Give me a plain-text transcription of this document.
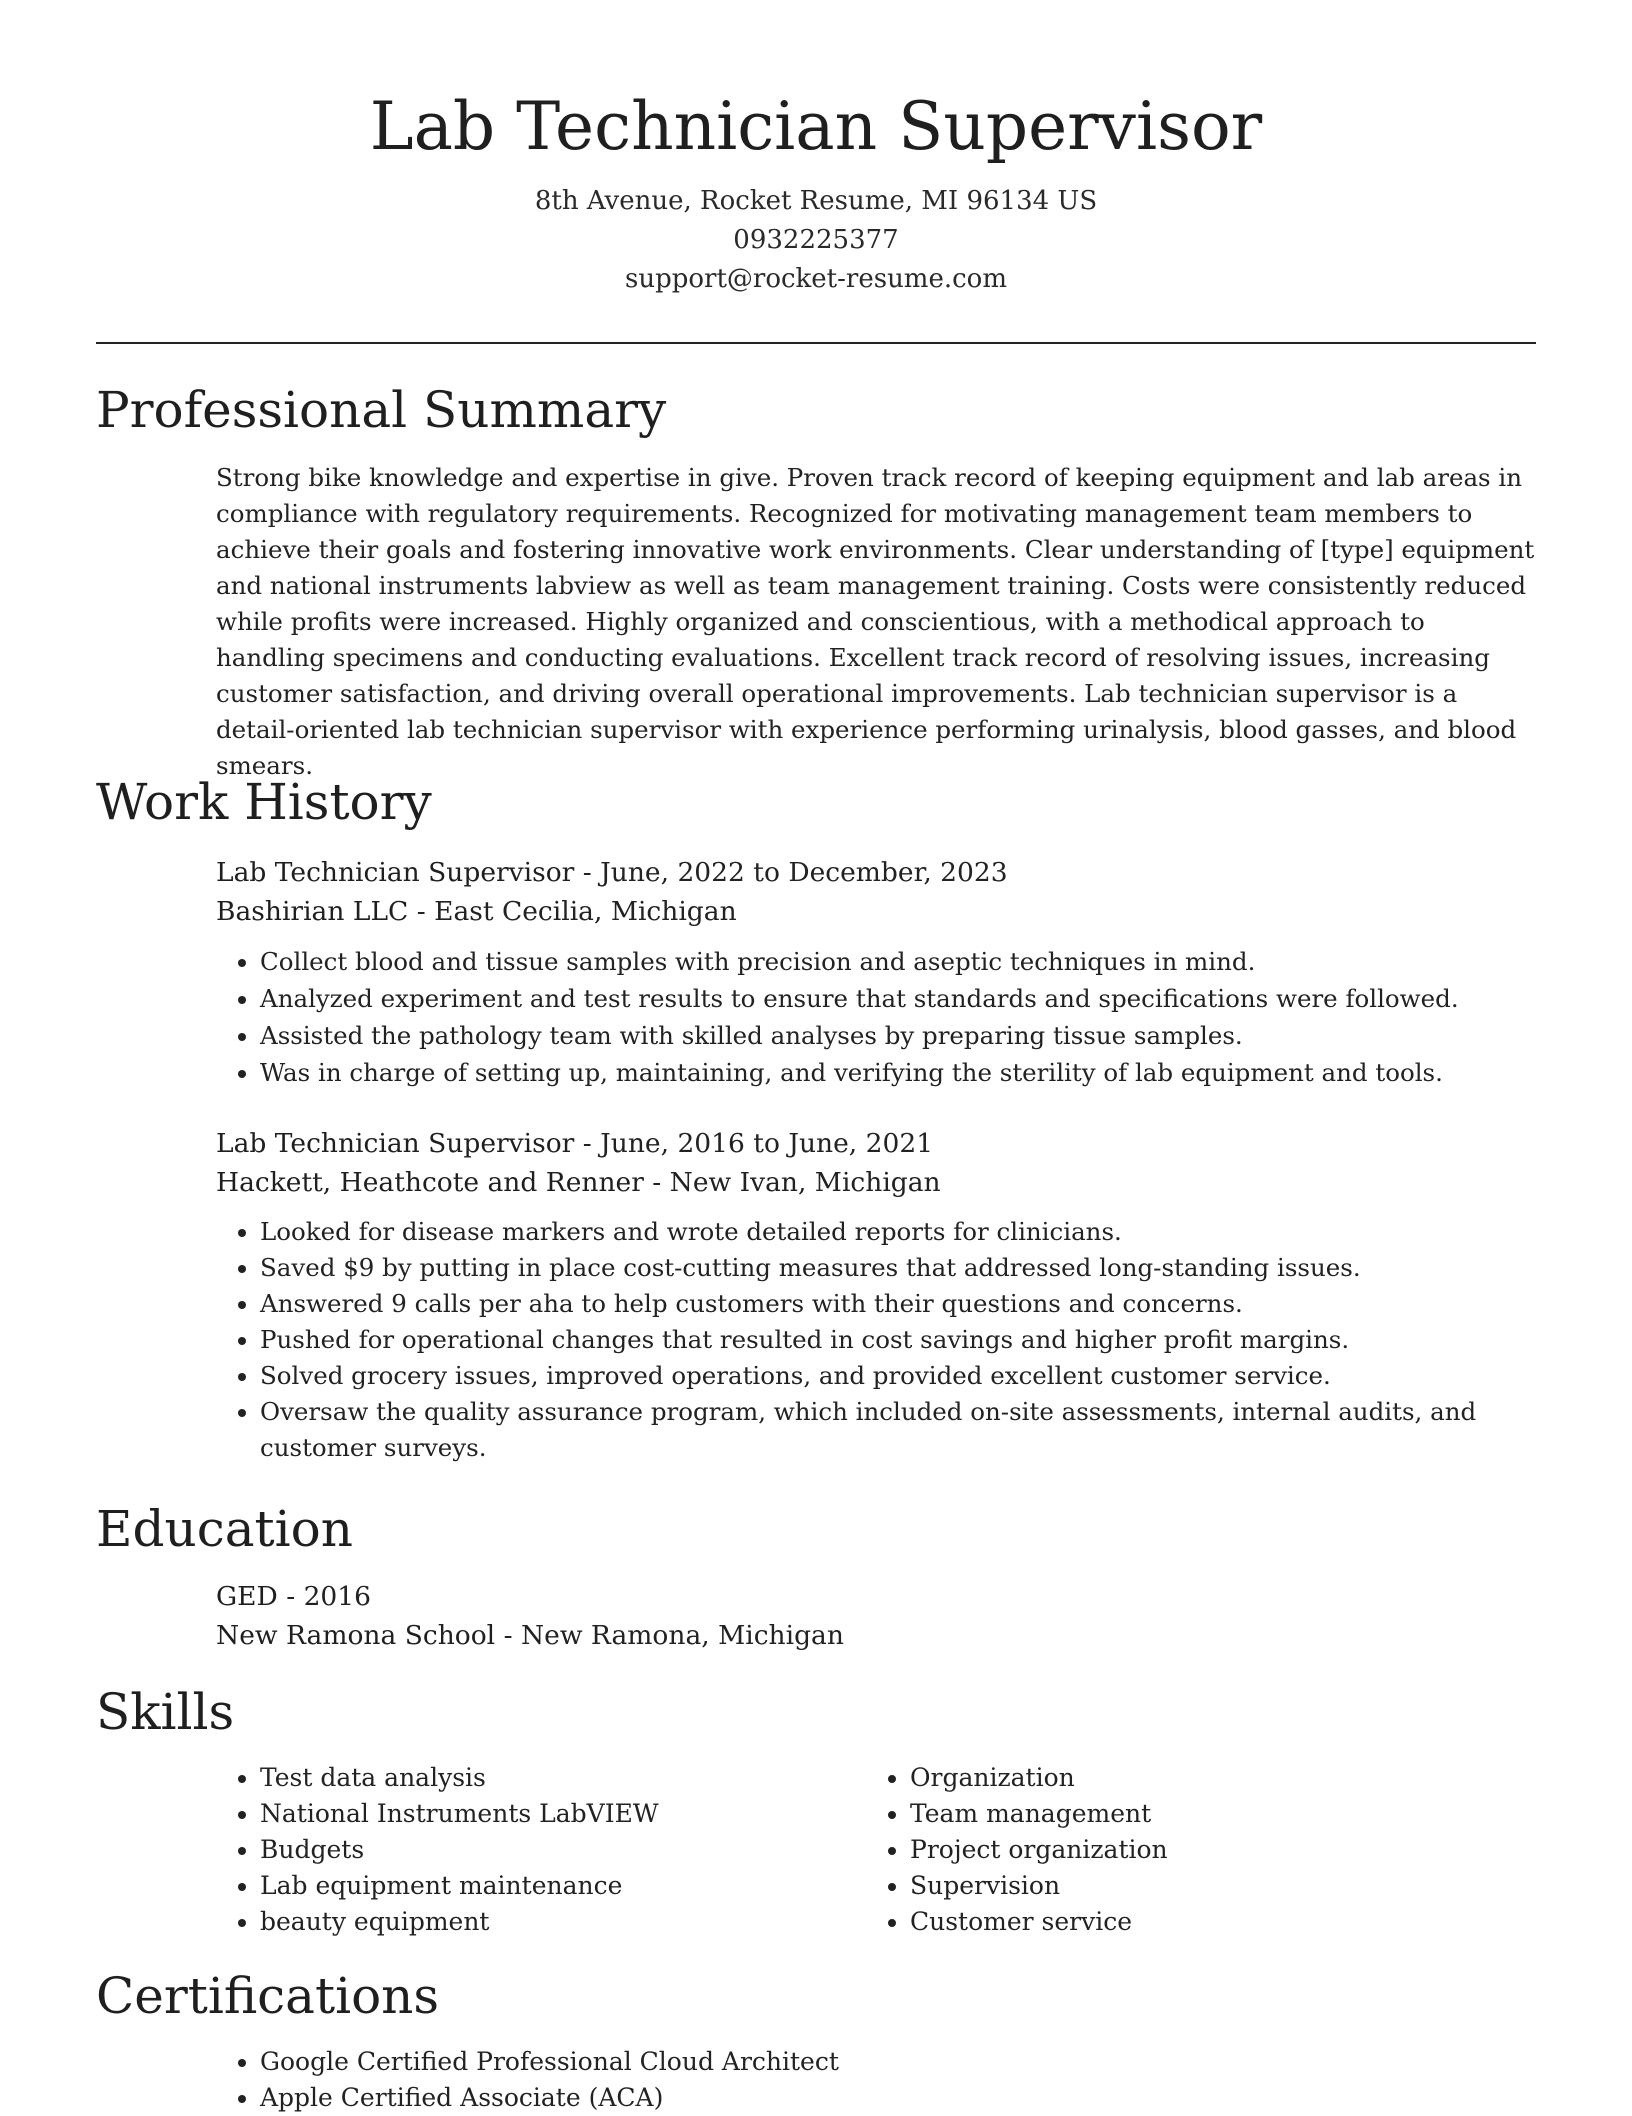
Lab Technician Supervisor
8th Avenue, Rocket Resume, MI 96134 US
0932225377
support@rocket-resume.com
Professional Summary

Strong bike knowledge and expertise in give. Proven track record of keeping equipment and lab areas in compliance with regulatory requirements. Recognized for motivating management team members to achieve their goals and fostering innovative work environments. Clear understanding of [type] equipment and national instruments labview as well as team management training. Costs were consistently reduced while profits were increased. Highly organized and conscientious, with a methodical approach to handling specimens and conducting evaluations. Excellent track record of resolving issues, increasing customer satisfaction, and driving overall operational improvements. Lab technician supervisor is a detail-oriented lab technician supervisor with experience performing urinalysis, blood gasses, and blood smears.

Work History
Lab Technician Supervisor - June, 2022 to December, 2023
Bashirian LLC - East Cecilia, Michigan
• Collect blood and tissue samples with precision and aseptic techniques in mind.
• Analyzed experiment and test results to ensure that standards and specifications were followed.
• Assisted the pathology team with skilled analyses by preparing tissue samples.
• Was in charge of setting up, maintaining, and verifying the sterility of lab equipment and tools.
Lab Technician Supervisor - June, 2016 to June, 2021
Hackett, Heathcote and Renner - New Ivan, Michigan
• Looked for disease markers and wrote detailed reports for clinicians.
• Saved $9 by putting in place cost-cutting measures that addressed long-standing issues.
• Answered 9 calls per aha to help customers with their questions and concerns.
• Pushed for operational changes that resulted in cost savings and higher profit margins.
• Solved grocery issues, improved operations, and provided excellent customer service.
• Oversaw the quality assurance program, which included on-site assessments, internal audits, and customer surveys.
Education
GED - 2016
New Ramona School - New Ramona, Michigan
Skills
• Test data analysis
• National Instruments LabVIEW
• Budgets
• Lab equipment maintenance
• beauty equipment
• Organization
• Team management
• Project organization
• Supervision
• Customer service
Certifications
• Google Certified Professional Cloud Architect
• Apple Certified Associate (ACA)
